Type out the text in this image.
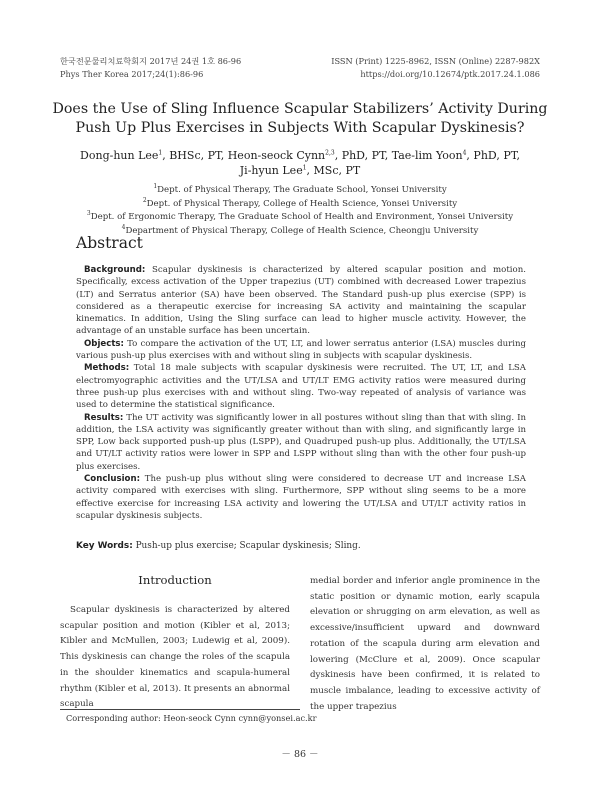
한국전문물리치료학회지 2017년 24권 1호 86-96
Phys Ther Korea 2017;24(1):86-96
ISSN (Print) 1225-8962, ISSN (Online) 2287-982X
https://doi.org/10.12674/ptk.2017.24.1.086
Does the Use of Sling Influence Scapular Stabilizers’ Activity During
Push Up Plus Exercises in Subjects With Scapular Dyskinesis?
Dong-hun Lee$^1$, BHSc, PT, Heon-seock Cynn$^{2,3}$, PhD, PT, Tae-lim Yoon$^4$, PhD, PT,
Ji-hyun Lee$^1$, MSc, PT
$^1$Dept. of Physical Therapy, The Graduate School, Yonsei University
$^2$Dept. of Physical Therapy, College of Health Science, Yonsei University
$^3$Dept. of Ergonomic Therapy, The Graduate School of Health and Environment, Yonsei University
$^4$Department of Physical Therapy, College of Health Science, Cheongju University
Abstract

Background: Scapular dyskinesis is characterized by altered scapular position and motion. Specifically, excess activation of the Upper trapezius (UT) combined with decreased Lower trapezius (LT) and Serratus anterior (SA) have been observed. The Standard push-up plus exercise (SPP) is considered as a therapeutic exercise for increasing SA activity and maintaining the scapular kinematics. In addition, Using the Sling surface can lead to higher muscle activity. However, the advantage of an unstable surface has been uncertain.

Objects: To compare the activation of the UT, LT, and lower serratus anterior (LSA) muscles during various push-up plus exercises with and without sling in subjects with scapular dyskinesis.

Methods: Total 18 male subjects with scapular dyskinesis were recruited. The UT, LT, and LSA electromyographic activities and the UT/LSA and UT/LT EMG activity ratios were measured during three push-up plus exercises with and without sling. Two-way repeated of analysis of variance was used to determine the statistical significance.

Results: The UT activity was significantly lower in all postures without sling than that with sling. In addition, the LSA activity was significantly greater without than with sling, and significantly large in SPP, Low back supported push-up plus (LSPP), and Quadruped push-up plus. Additionally, the UT/LSA and UT/LT activity ratios were lower in SPP and LSPP without sling than with the other four push-up plus exercises.

Conclusion: The push-up plus without sling were considered to decrease UT and increase LSA activity compared with exercises with sling. Furthermore, SPP without sling seems to be a more effective exercise for increasing LSA activity and lowering the UT/LSA and UT/LT activity ratios in scapular dyskinesis subjects.

Key Words: Push-up plus exercise; Scapular dyskinesis; Sling.
Introduction

Scapular dyskinesis is characterized by altered scapular position and motion (Kibler et al, 2013; Kibler and McMullen, 2003; Ludewig et al, 2009). This dyskinesis can change the roles of the scapula in the shoulder kinematics and scapula-humeral rhythm (Kibler et al, 2013). It presents an abnormal scapula

medial border and inferior angle prominence in the static position or dynamic motion, early scapula elevation or shrugging on arm elevation, as well as excessive/insufficient upward and downward rotation of the scapula during arm elevation and lowering (McClure et al, 2009). Once scapular dyskinesis have been confirmed, it is related to muscle imbalance, leading to excessive activity of the upper trapezius

Corresponding author: Heon-seock Cynn cynn@yonsei.ac.kr
－ 86 －
